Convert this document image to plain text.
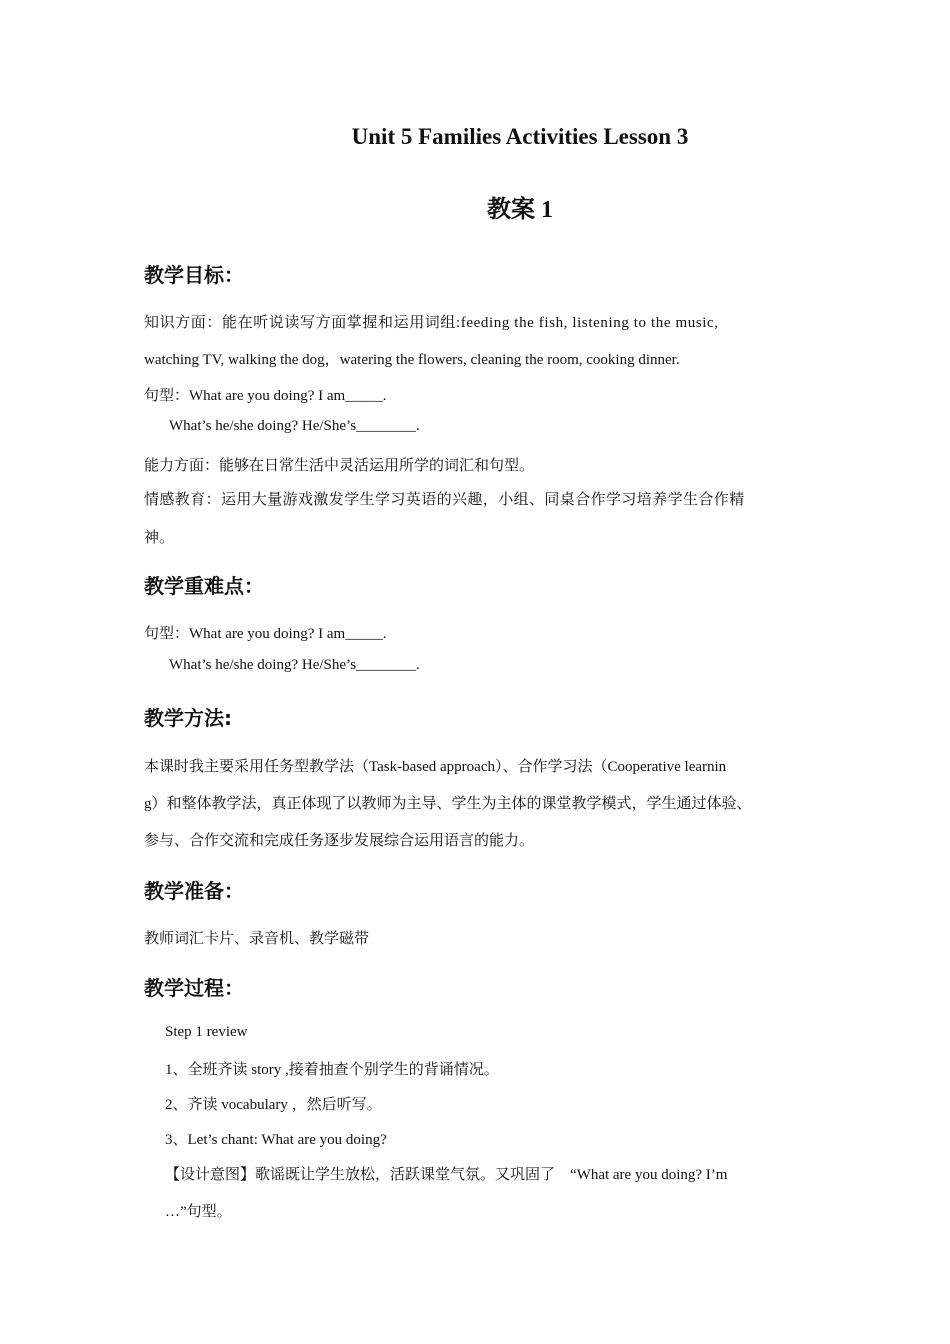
Unit 5 Families Activities Lesson 3
教案 1
教学目标：
知识方面：能在听说读写方面掌握和运用词组:feeding the fish, listening to the music,
watching TV, walking the dog，watering the flowers, cleaning the room, cooking dinner.
句型：What are you doing? I am_____.
What’s he/she doing? He/She’s________.
能力方面：能够在日常生活中灵活运用所学的词汇和句型。
情感教育：运用大量游戏激发学生学习英语的兴趣，小组、同桌合作学习培养学生合作精
神。
教学重难点：
句型：What are you doing? I am_____.
What’s he/she doing? He/She’s________.
教学方法:
本课时我主要采用任务型教学法（Task-based approach）、合作学习法（Cooperative learnin
g）和整体教学法，真正体现了以教师为主导、学生为主体的课堂教学模式，学生通过体验、
参与、合作交流和完成任务逐步发展综合运用语言的能力。
教学准备：
教师词汇卡片、录音机、教学磁带
教学过程：
Step 1 review
1、全班齐读 story ,接着抽查个别学生的背诵情况。
2、齐读 vocabulary ，然后听写。
3、Let’s chant: What are you doing?
【设计意图】歌谣既让学生放松，活跃课堂气氛。又巩固了　“What are you doing? I’m
…”句型。
